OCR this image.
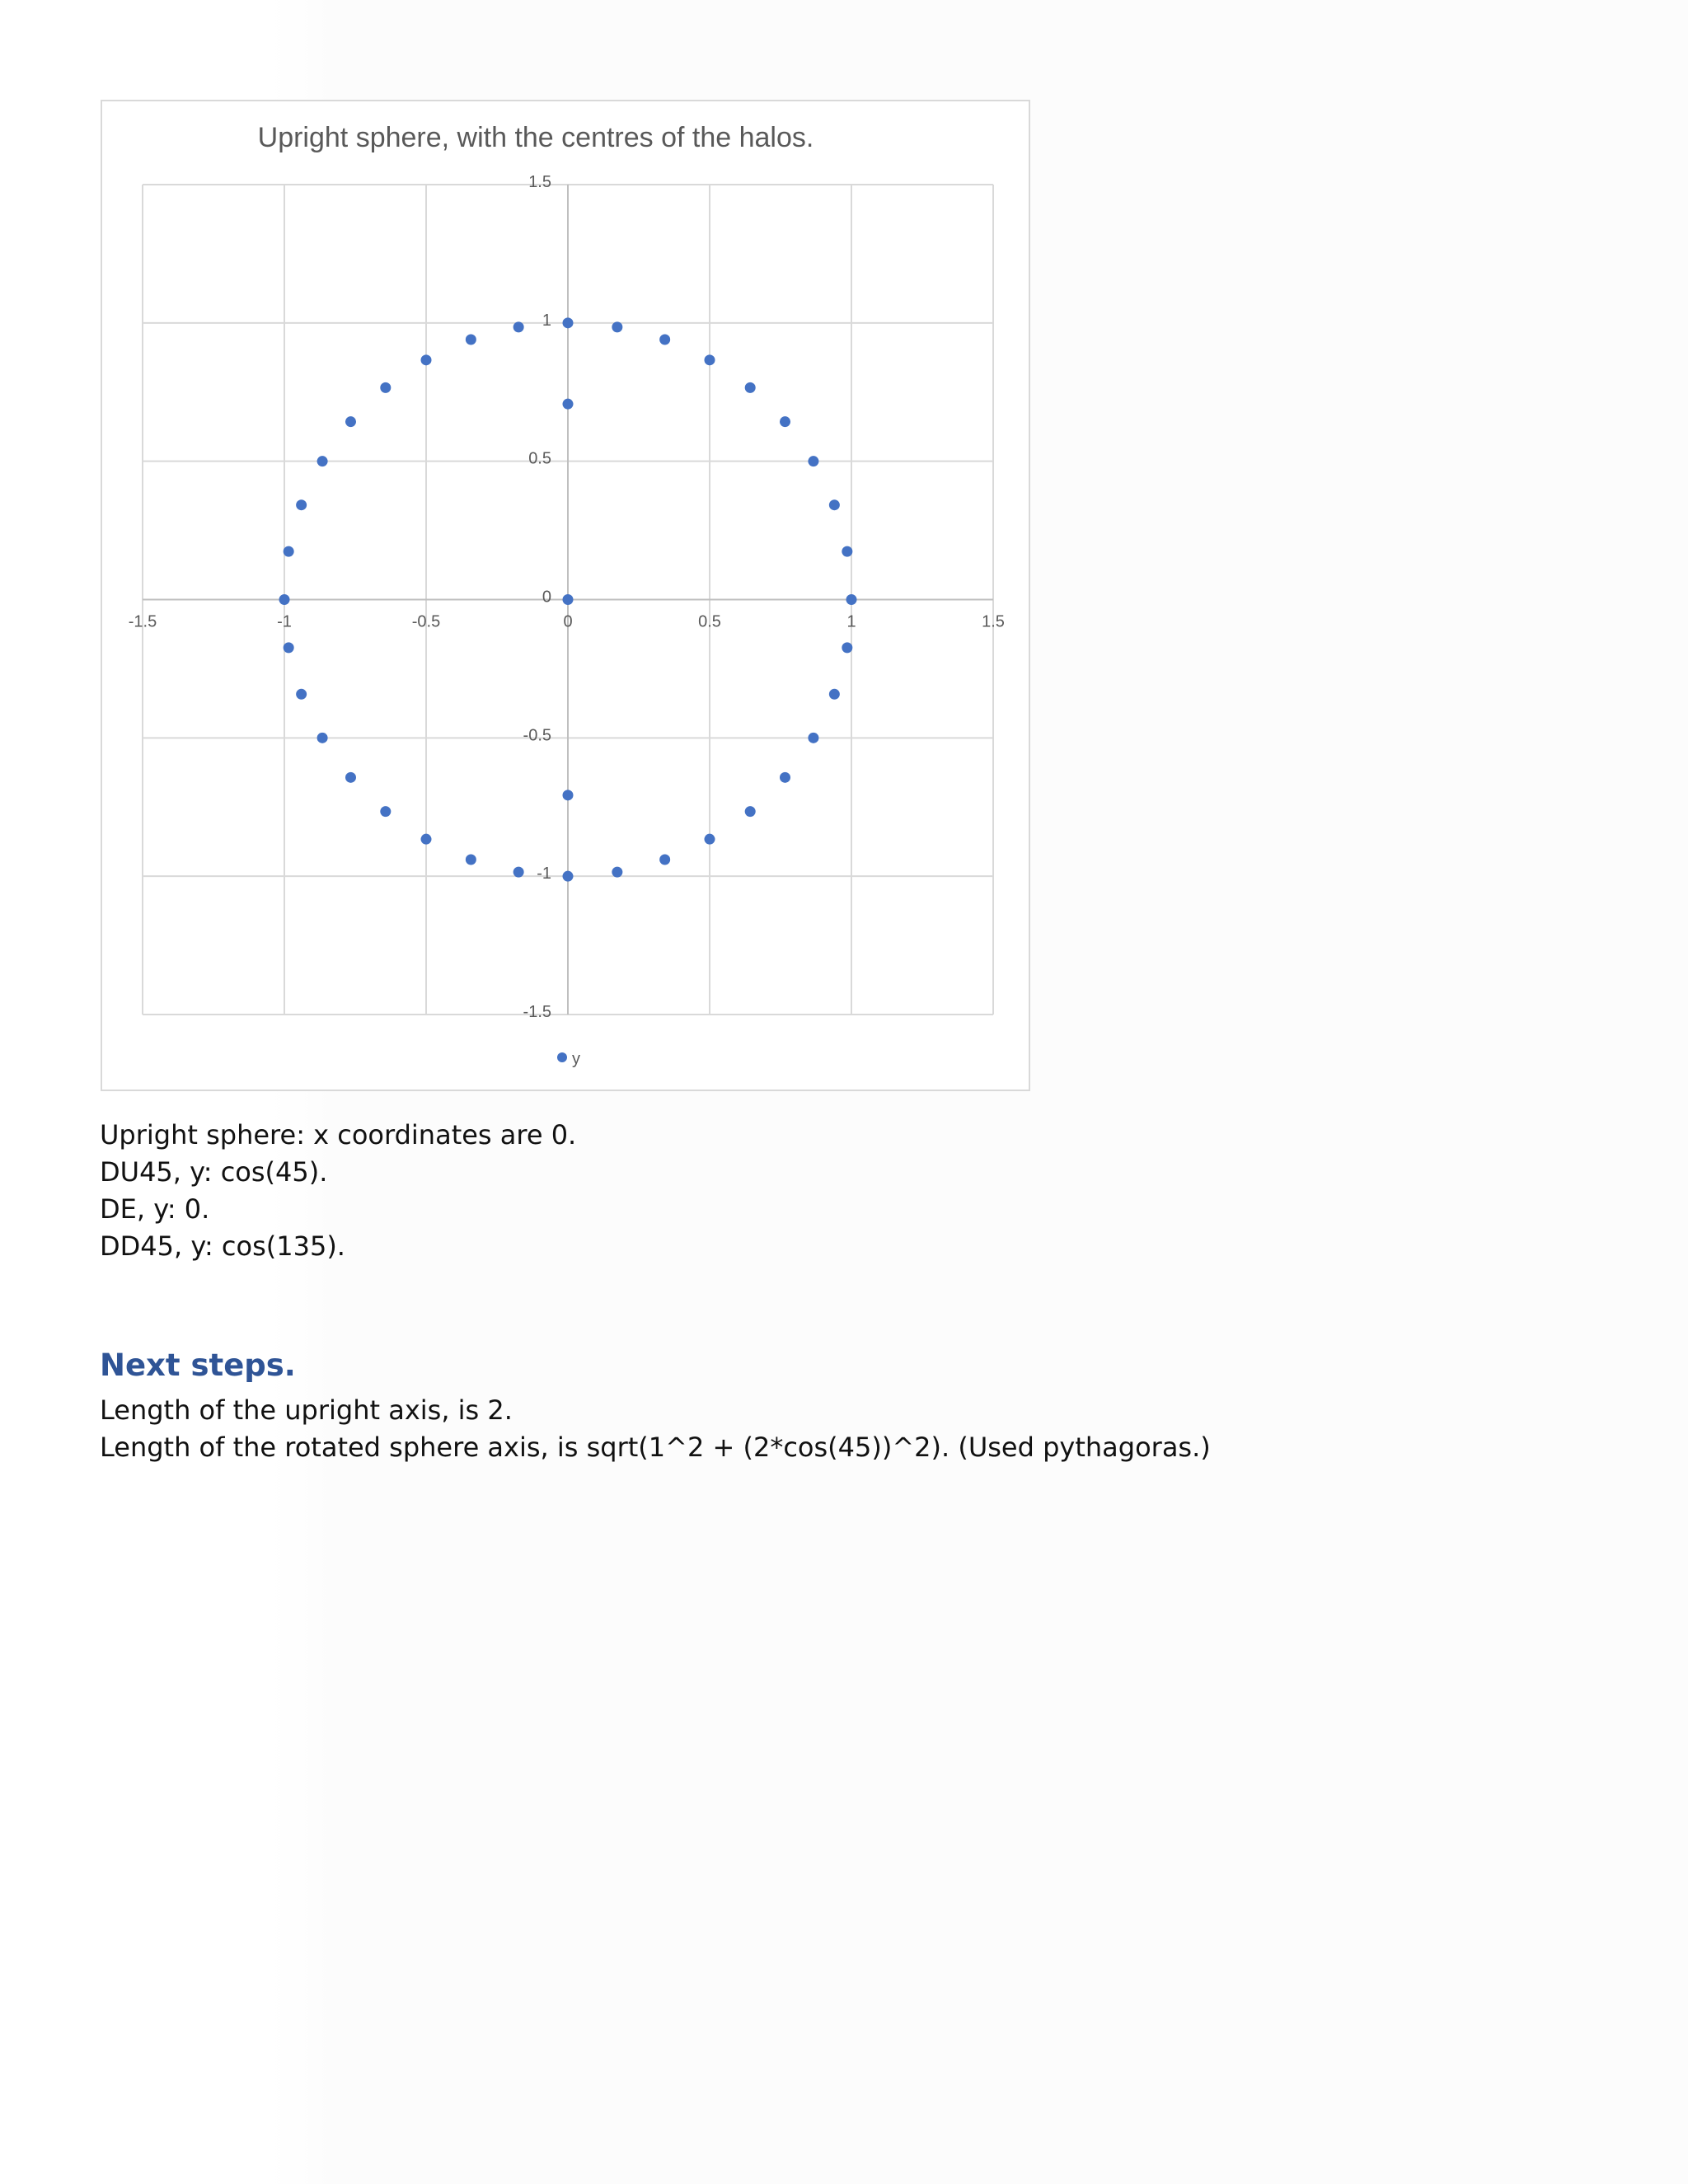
Upright sphere, with the centres of the halos.
-1.5	-1	-0.5	0	0.5	1	1.5
1.5
1
0.5
0
-0.5
-1
-1.5
y

Upright sphere: x coordinates are 0.

DU45, y: cos(45).

DE, y: 0.

DD45, y: cos(135).

Next steps.

Length of the upright axis, is 2.

Length of the rotated sphere axis, is sqrt(1^2 + (2*cos(45))^2). (Used pythagoras.)
